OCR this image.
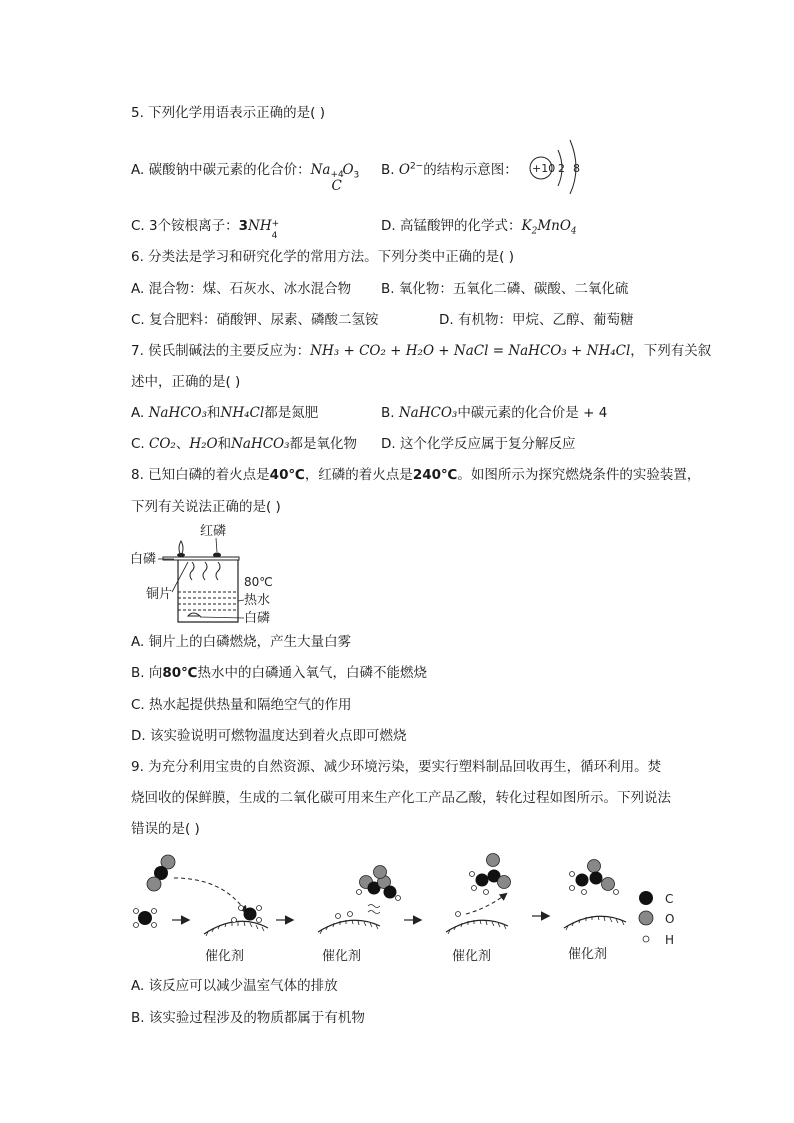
5. 下列化学用语表示正确的是( )
A. 碳酸钠中碳元素的化合价：Na
C
+4
$O_3$ B. $O^{2-}$的结构示意图： +10 2 8
C. 3个铵根离子：3NH
4
+	D. 高锰酸钾的化学式：$K_2MnO_4$
6. 分类法是学习和研究化学的常用方法。下列分类中正确的是( )
A. 混合物：煤、石灰水、冰水混合物 B. 氧化物：五氧化二磷、碳酸、二氧化硫
C. 复合肥料：硝酸钾、尿素、磷酸二氢铵	D. 有机物：甲烷、乙醇、葡萄糖
7. 侯氏制碱法的主要反应为：NH₃ + CO₂ + H₂O + NaCl = NaHCO₃ + NH₄Cl，下列有关叙
述中，正确的是( )
A. NaHCO₃和NH₄Cl都是氮肥	B. NaHCO₃中碳元素的化合价是 + 4
C. CO₂、H₂O和NaHCO₃都是氧化物 D. 这个化学反应属于复分解反应
8. 已知白磷的着火点是40℃，红磷的着火点是240℃。如图所示为探究燃烧条件的实验装置，
下列有关说法正确的是( )
红磷
白磷
铜片
80℃
热水
白磷
A. 铜片上的白磷燃烧，产生大量白雾
B. 向80℃热水中的白磷通入氧气，白磷不能燃烧
C. 热水起提供热量和隔绝空气的作用
D. 该实验说明可燃物温度达到着火点即可燃烧
9. 为充分利用宝贵的自然资源、减少环境污染，要实行塑料制品回收再生，循环利用。焚
烧回收的保鲜膜，生成的二氧化碳可用来生产化工产品乙酸，转化过程如图所示。下列说法
错误的是( )
催化剂	催化剂	催化剂	催化剂
C
O
H
A. 该反应可以减少温室气体的排放
B. 该实验过程涉及的物质都属于有机物
